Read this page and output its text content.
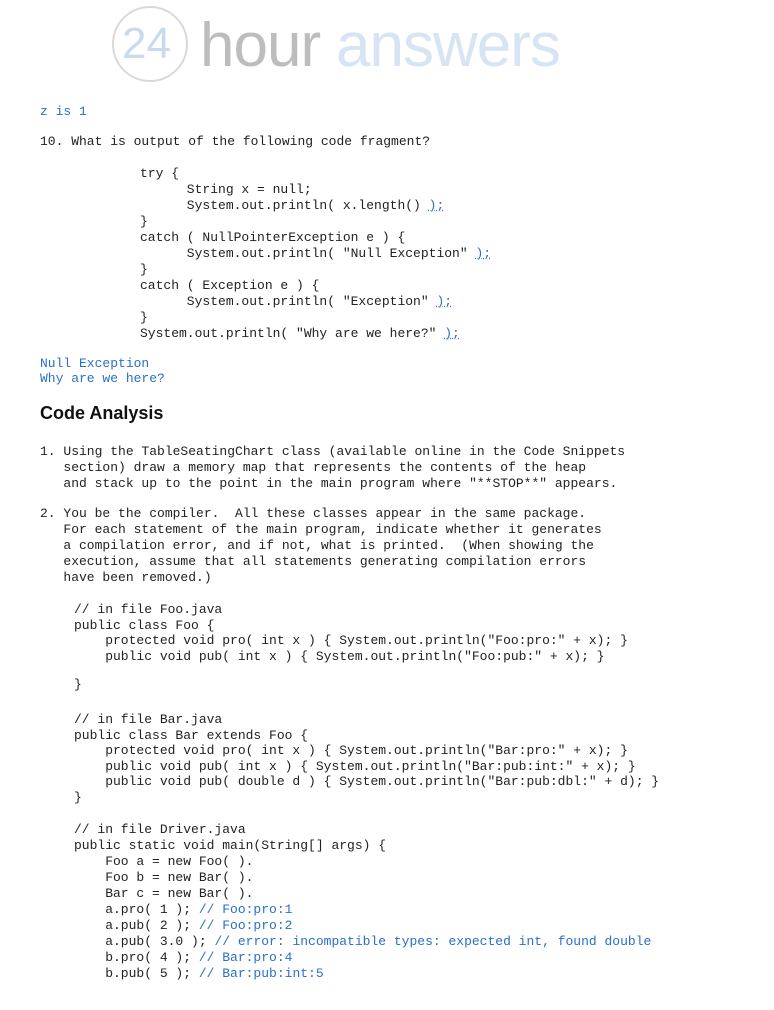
24 hour answers
z is 1
10. What is output of the following code fragment?
try {
String x = null;
System.out.println( x.length() );
}
catch ( NullPointerException e ) {
System.out.println( "Null Exception" );
}
catch ( Exception e ) {
System.out.println( "Exception" );
}
System.out.println( "Why are we here?" );
Null Exception
Why are we here?
Code Analysis
1. Using the TableSeatingChart class (available online in the Code Snippets
section) draw a memory map that represents the contents of the heap
and stack up to the point in the main program where "**STOP**" appears.
2. You be the compiler.  All these classes appear in the same package.
For each statement of the main program, indicate whether it generates
a compilation error, and if not, what is printed.  (When showing the
execution, assume that all statements generating compilation errors
have been removed.)
// in file Foo.java
public class Foo {
protected void pro( int x ) { System.out.println("Foo:pro:" + x); }
public void pub( int x ) { System.out.println("Foo:pub:" + x); }
}
// in file Bar.java
public class Bar extends Foo {
protected void pro( int x ) { System.out.println("Bar:pro:" + x); }
public void pub( int x ) { System.out.println("Bar:pub:int:" + x); }
public void pub( double d ) { System.out.println("Bar:pub:dbl:" + d); }
}
// in file Driver.java
public static void main(String[] args) {
Foo a = new Foo( ).
Foo b = new Bar( ).
Bar c = new Bar( ).
a.pro( 1 ); // Foo:pro:1
a.pub( 2 ); // Foo:pro:2
a.pub( 3.0 ); // error: incompatible types: expected int, found double
b.pro( 4 ); // Bar:pro:4
b.pub( 5 ); // Bar:pub:int:5
